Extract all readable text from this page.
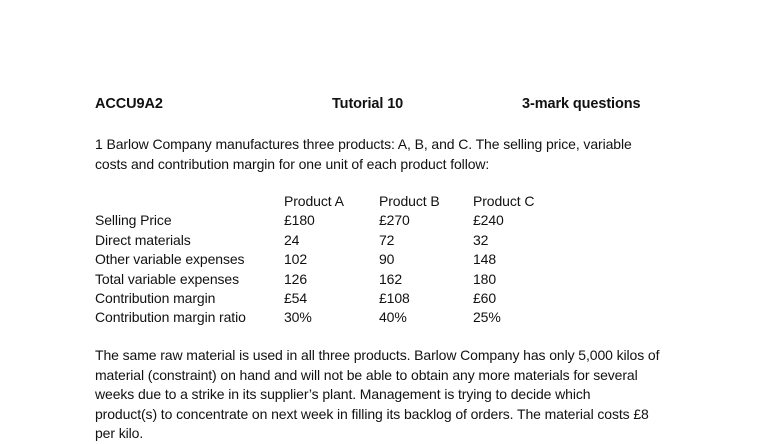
ACCU9A2	Tutorial 10	3-mark questions
1 Barlow Company manufactures three products: A, B, and C. The selling price, variable
costs and contribution margin for one unit of each product follow:
	Product A	Product B	Product C
Selling Price	£180	£270	£240
Direct materials	24	72	32
Other variable expenses	102	90	148
Total variable expenses	126	162	180
Contribution margin	£54	£108	£60
Contribution margin ratio	30%	40%	25%
The same raw material is used in all three products. Barlow Company has only 5,000 kilos of
material (constraint) on hand and will not be able to obtain any more materials for several
weeks due to a strike in its supplier’s plant. Management is trying to decide which
product(s) to concentrate on next week in filling its backlog of orders. The material costs £8
per kilo.
